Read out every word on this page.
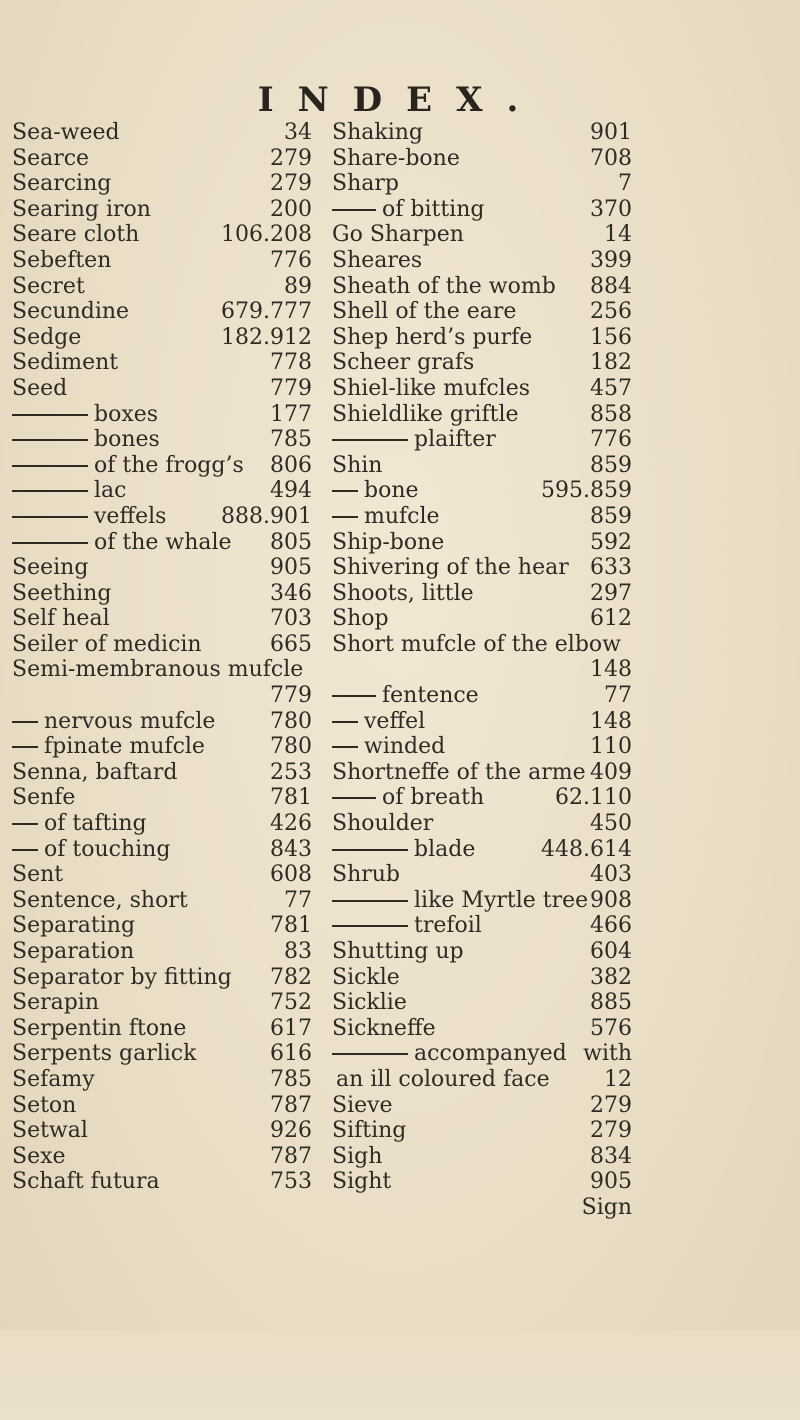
INDEX.
Sea-weed	34
Searce	279
Searcing	279
Searing iron	200
Seare cloth	106.208
Sebeften	776
Secret	89
Secundine	679.777
Sedge	182.912
Sediment	778
Seed	779
boxes	177
bones	785
of the frogg’s 806
lac	494
veffels 888.901
of the whale 805
Seeing	905
Seething	346
Self heal	703
Seiler of medicin	665
Semi-membranous mufcle
779
nervous mufcle 780
fpinate mufcle	780
Senna, baftard	253
Senfe	781
of tafting	426
of touching	843
Sent	608
Sentence, short	77
Separating	781
Separation	83
Separator by fitting 782
Serapin	752
Serpentin ftone	617
Serpents garlick	616
Sefamy	785
Seton	787
Setwal	926
Sexe	787
Schaft futura	753
Shaking	901
Share-bone	708
Sharp	7
of bitting	370
Go Sharpen	14
Sheares	399
Sheath of the womb 884
Shell of the eare	256
Shep herd’s purfe	156
Scheer grafs	182
Shiel-like mufcles	457
Shieldlike griftle	858
plaifter	776
Shin	859
bone	595.859
mufcle	859
Ship-bone	592
Shivering of the hear 633
Shoots, little	297
Shop	612
Short mufcle of the elbow
148
fentence	77
veffel	148
winded	110
Shortneffe of the arme 409
of breath	62.110
Shoulder	450
blade	448.614
Shrub	403
like Myrtle tree 908
trefoil	466
Shutting up	604
Sickle	382
Sicklie	885
Sickneffe	576
accompanyed with
an ill coloured face 12
Sieve	279
Sifting	279
Sigh	834
Sight	905
Sign
